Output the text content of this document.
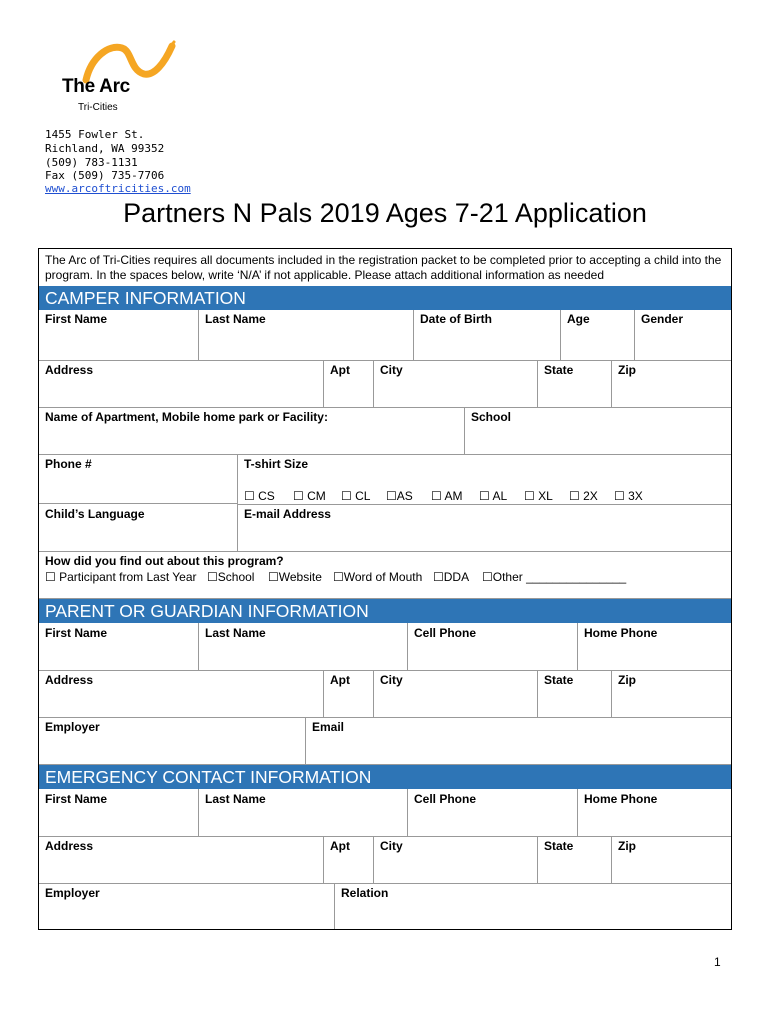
The Arc
Tri-Cities
1455 Fowler St.
Richland, WA 99352
(509) 783-1131
Fax (509) 735-7706
www.arcoftricities.com
Partners N Pals 2019 Ages 7-21 Application
The Arc of Tri-Cities requires all documents included in the registration packet to be completed prior to accepting a child into the program. In the spaces below, write ‘N/A’ if not applicable. Please attach additional information as needed
CAMPER INFORMATION
First Name	Last Name	Date of Birth	Age	Gender
Address	Apt	City	State	Zip
Name of Apartment, Mobile home park or Facility:	School
Phone #	T-shirt Size
☐ CS ☐ CM ☐ CL ☐AS ☐ AM ☐ AL ☐ XL ☐ 2X ☐ 3X
Child’s Language	E-mail Address
How did you find out about this program?
☐ Participant from Last Year ☐School ☐Website ☐Word of Mouth ☐DDA ☐Other _______________
PARENT OR GUARDIAN INFORMATION
First Name	Last Name	Cell Phone	Home Phone
Address	Apt	City	State	Zip
Employer	Email
EMERGENCY CONTACT INFORMATION
First Name	Last Name	Cell Phone	Home Phone
Address	Apt	City	State	Zip
Employer	Relation
1
